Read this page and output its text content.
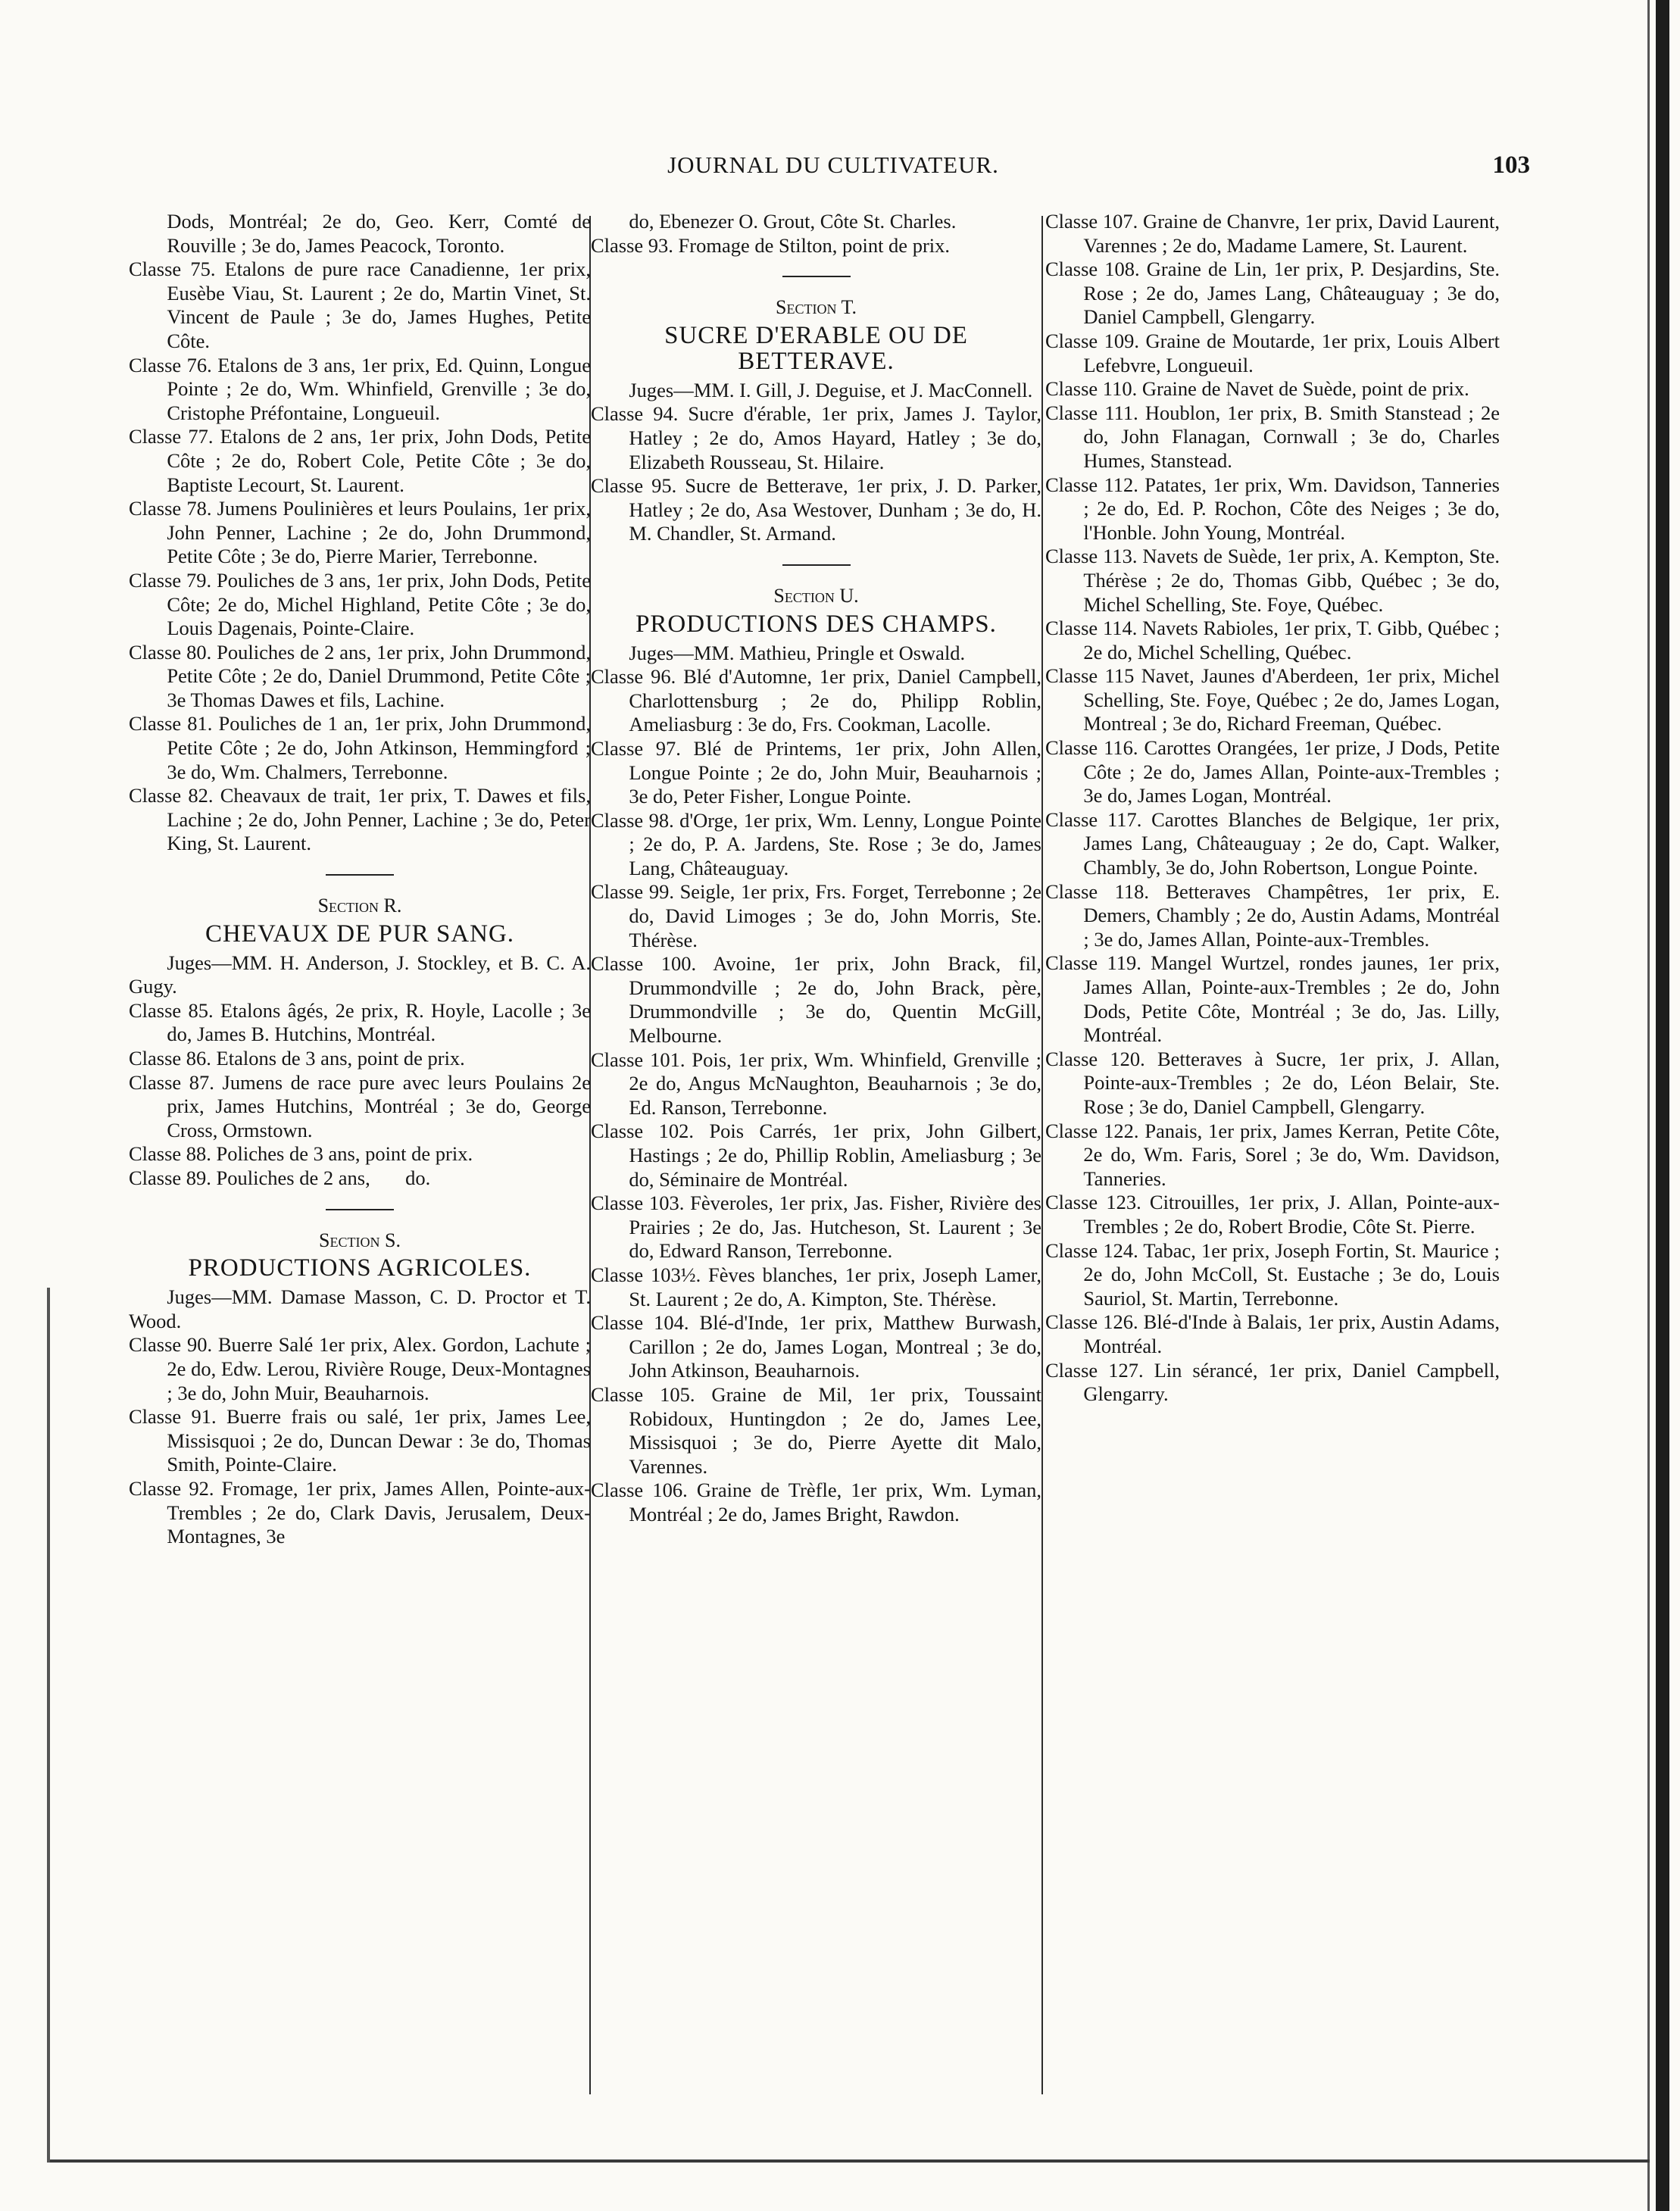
JOURNAL DU CULTIVATEUR.	103
Dods, Montréal; 2e do, Geo. Kerr, Comté de Rouville ; 3e do, James Peacock, Toronto.
Classe 75. Etalons de pure race Canadienne, 1er prix, Eusèbe Viau, St. Laurent ; 2e do, Martin Vinet, St. Vincent de Paule ; 3e do, James Hughes, Petite Côte.
Classe 76. Etalons de 3 ans, 1er prix, Ed. Quinn, Longue Pointe ; 2e do, Wm. Whinfield, Grenville ; 3e do, Cristophe Préfontaine, Longueuil.
Classe 77. Etalons de 2 ans, 1er prix, John Dods, Petite Côte ; 2e do, Robert Cole, Petite Côte ; 3e do, Baptiste Lecourt, St. Laurent.
Classe 78. Jumens Poulinières et leurs Poulains, 1er prix, John Penner, Lachine ; 2e do, John Drummond, Petite Côte ; 3e do, Pierre Marier, Terrebonne.
Classe 79. Pouliches de 3 ans, 1er prix, John Dods, Petite Côte; 2e do, Michel Highland, Petite Côte ; 3e do, Louis Dagenais, Pointe-Claire.
Classe 80. Pouliches de 2 ans, 1er prix, John Drummond, Petite Côte ; 2e do, Daniel Drummond, Petite Côte ; 3e Thomas Dawes et fils, Lachine.
Classe 81. Pouliches de 1 an, 1er prix, John Drummond, Petite Côte ; 2e do, John Atkinson, Hemmingford ; 3e do, Wm. Chalmers, Terrebonne.
Classe 82. Cheavaux de trait, 1er prix, T. Dawes et fils, Lachine ; 2e do, John Penner, Lachine ; 3e do, Peter King, St. Laurent.
Section R.
CHEVAUX DE PUR SANG.
Juges—MM. H. Anderson, J. Stockley, et B. C. A. Gugy.
Classe 85. Etalons âgés, 2e prix, R. Hoyle, Lacolle ; 3e do, James B. Hutchins, Montréal.
Classe 86. Etalons de 3 ans, point de prix.
Classe 87. Jumens de race pure avec leurs Poulains 2e prix, James Hutchins, Montréal ; 3e do, George Cross, Ormstown.
Classe 88. Poliches de 3 ans, point de prix.
Classe 89. Pouliches de 2 ans,       do.
Section S.
PRODUCTIONS AGRICOLES.
Juges—MM. Damase Masson, C. D. Proctor et T. Wood.
Classe 90. Buerre Salé 1er prix, Alex. Gordon, Lachute ; 2e do, Edw. Lerou, Rivière Rouge, Deux-Montagnes ; 3e do, John Muir, Beauharnois.
Classe 91. Buerre frais ou salé, 1er prix, James Lee, Missisquoi ; 2e do, Duncan Dewar : 3e do, Thomas Smith, Pointe-Claire.
Classe 92. Fromage, 1er prix, James Allen, Pointe-aux-Trembles ; 2e do, Clark Davis, Jerusalem, Deux-Montagnes, 3e
do, Ebenezer O. Grout, Côte St. Charles.
Classe 93. Fromage de Stilton, point de prix.
Section T.
SUCRE D'ERABLE OU DE BETTERAVE.
Juges—MM. I. Gill, J. Deguise, et J. MacConnell.
Classe 94. Sucre d'érable, 1er prix, James J. Taylor, Hatley ; 2e do, Amos Hayard, Hatley ; 3e do, Elizabeth Rousseau, St. Hilaire.
Classe 95. Sucre de Betterave, 1er prix, J. D. Parker, Hatley ; 2e do, Asa Westover, Dunham ; 3e do, H. M. Chandler, St. Armand.
Section U.
PRODUCTIONS DES CHAMPS.
Juges—MM. Mathieu, Pringle et Oswald.
Classe 96. Blé d'Automne, 1er prix, Daniel Campbell, Charlottensburg ; 2e do, Philipp Roblin, Ameliasburg : 3e do, Frs. Cookman, Lacolle.
Classe 97. Blé de Printems, 1er prix, John Allen, Longue Pointe ; 2e do, John Muir, Beauharnois ; 3e do, Peter Fisher, Longue Pointe.
Classe 98. d'Orge, 1er prix, Wm. Lenny, Longue Pointe ; 2e do, P. A. Jardens, Ste. Rose ; 3e do, James Lang, Châteauguay.
Classe 99. Seigle, 1er prix, Frs. Forget, Terrebonne ; 2e do, David Limoges ; 3e do, John Morris, Ste. Thérèse.
Classe 100. Avoine, 1er prix, John Brack, fil, Drummondville ; 2e do, John Brack, père, Drummondville ; 3e do, Quentin McGill, Melbourne.
Classe 101. Pois, 1er prix, Wm. Whinfield, Grenville ; 2e do, Angus McNaughton, Beauharnois ; 3e do, Ed. Ranson, Terrebonne.
Classe 102. Pois Carrés, 1er prix, John Gilbert, Hastings ; 2e do, Phillip Roblin, Ameliasburg ; 3e do, Séminaire de Montréal.
Classe 103. Fèveroles, 1er prix, Jas. Fisher, Rivière des Prairies ; 2e do, Jas. Hutcheson, St. Laurent ; 3e do, Edward Ranson, Terrebonne.
Classe 103½. Fèves blanches, 1er prix, Joseph Lamer, St. Laurent ; 2e do, A. Kimpton, Ste. Thérèse.
Classe 104. Blé-d'Inde, 1er prix, Matthew Burwash, Carillon ; 2e do, James Logan, Montreal ; 3e do, John Atkinson, Beauharnois.
Classe 105. Graine de Mil, 1er prix, Toussaint Robidoux, Huntingdon ; 2e do, James Lee, Missisquoi ; 3e do, Pierre Ayette dit Malo, Varennes.
Classe 106. Graine de Trèfle, 1er prix, Wm. Lyman, Montréal ; 2e do, James Bright, Rawdon.
Classe 107. Graine de Chanvre, 1er prix, David Laurent, Varennes ; 2e do, Madame Lamere, St. Laurent.
Classe 108. Graine de Lin, 1er prix, P. Desjardins, Ste. Rose ; 2e do, James Lang, Châteauguay ; 3e do, Daniel Campbell, Glengarry.
Classe 109. Graine de Moutarde, 1er prix, Louis Albert Lefebvre, Longueuil.
Classe 110. Graine de Navet de Suède, point de prix.
Classe 111. Houblon, 1er prix, B. Smith Stanstead ; 2e do, John Flanagan, Cornwall ; 3e do, Charles Humes, Stanstead.
Classe 112. Patates, 1er prix, Wm. Davidson, Tanneries ; 2e do, Ed. P. Rochon, Côte des Neiges ; 3e do, l'Honble. John Young, Montréal.
Classe 113. Navets de Suède, 1er prix, A. Kempton, Ste. Thérèse ; 2e do, Thomas Gibb, Québec ; 3e do, Michel Schelling, Ste. Foye, Québec.
Classe 114. Navets Rabioles, 1er prix, T. Gibb, Québec ; 2e do, Michel Schelling, Québec.
Classe 115 Navet, Jaunes d'Aberdeen, 1er prix, Michel Schelling, Ste. Foye, Québec ; 2e do, James Logan, Montreal ; 3e do, Richard Freeman, Québec.
Classe 116. Carottes Orangées, 1er prize, J Dods, Petite Côte ; 2e do, James Allan, Pointe-aux-Trembles ; 3e do, James Logan, Montréal.
Classe 117. Carottes Blanches de Belgique, 1er prix, James Lang, Châteauguay ; 2e do, Capt. Walker, Chambly, 3e do, John Robertson, Longue Pointe.
Classe 118. Betteraves Champêtres, 1er prix, E. Demers, Chambly ; 2e do, Austin Adams, Montréal ; 3e do, James Allan, Pointe-aux-Trembles.
Classe 119. Mangel Wurtzel, rondes jaunes, 1er prix, James Allan, Pointe-aux-Trembles ; 2e do, John Dods, Petite Côte, Montréal ; 3e do, Jas. Lilly, Montréal.
Classe 120. Betteraves à Sucre, 1er prix, J. Allan, Pointe-aux-Trembles ; 2e do, Léon Belair, Ste. Rose ; 3e do, Daniel Campbell, Glengarry.
Classe 122. Panais, 1er prix, James Kerran, Petite Côte, 2e do, Wm. Faris, Sorel ; 3e do, Wm. Davidson, Tanneries.
Classe 123. Citrouilles, 1er prix, J. Allan, Pointe-aux-Trembles ; 2e do, Robert Brodie, Côte St. Pierre.
Classe 124. Tabac, 1er prix, Joseph Fortin, St. Maurice ; 2e do, John McColl, St. Eustache ; 3e do, Louis Sauriol, St. Martin, Terrebonne.
Classe 126. Blé-d'Inde à Balais, 1er prix, Austin Adams, Montréal.
Classe 127. Lin sérancé, 1er prix, Daniel Campbell, Glengarry.
